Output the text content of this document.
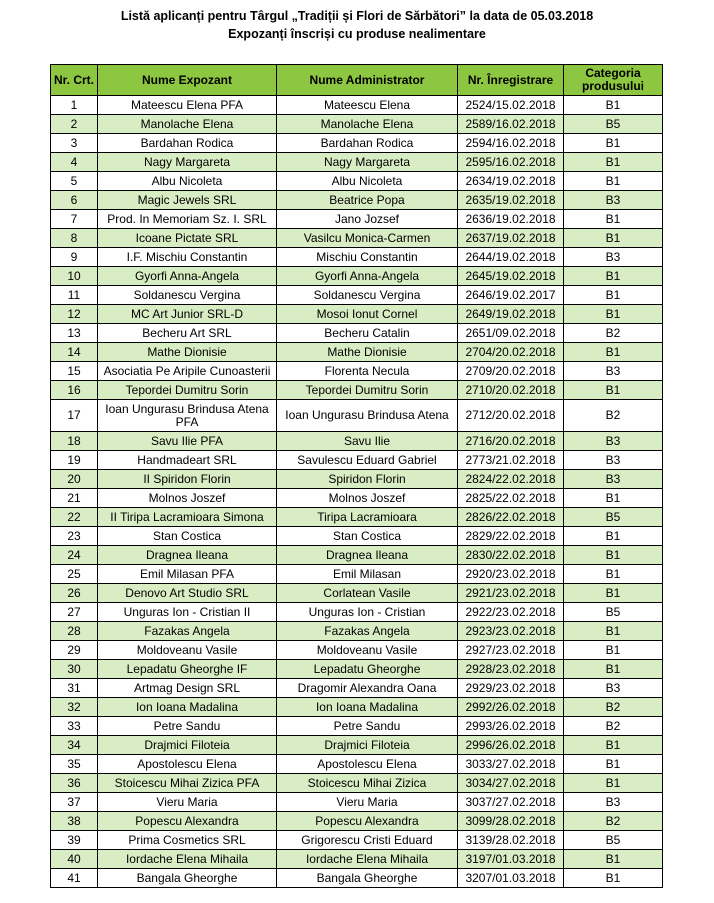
Listă aplicanți pentru Târgul „Tradiții și Flori de Sărbători” la data de 05.03.2018
Expozanți înscriși cu produse nealimentare
Nr. Crt.	Nume Expozant	Nume Administrator	Nr. Înregistrare	Categoria produsului
1	Mateescu Elena PFA	Mateescu Elena	2524/15.02.2018	B1
2	Manolache Elena	Manolache Elena	2589/16.02.2018	B5
3	Bardahan Rodica	Bardahan Rodica	2594/16.02.2018	B1
4	Nagy Margareta	Nagy Margareta	2595/16.02.2018	B1
5	Albu Nicoleta	Albu Nicoleta	2634/19.02.2018	B1
6	Magic Jewels SRL	Beatrice Popa	2635/19.02.2018	B3
7	Prod. In Memoriam Sz. I. SRL	Jano Jozsef	2636/19.02.2018	B1
8	Icoane Pictate SRL	Vasilcu Monica-Carmen	2637/19.02.2018	B1
9	I.F. Mischiu Constantin	Mischiu Constantin	2644/19.02.2018	B3
10	Gyorfi Anna-Angela	Gyorfi Anna-Angela	2645/19.02.2018	B1
11	Soldanescu Vergina	Soldanescu Vergina	2646/19.02.2017	B1
12	MC Art Junior SRL-D	Mosoi Ionut Cornel	2649/19.02.2018	B1
13	Becheru Art SRL	Becheru Catalin	2651/09.02.2018	B2
14	Mathe Dionisie	Mathe Dionisie	2704/20.02.2018	B1
15	Asociatia Pe Aripile Cunoasterii	Florenta Necula	2709/20.02.2018	B3
16	Tepordei Dumitru Sorin	Tepordei Dumitru Sorin	2710/20.02.2018	B1
17	Ioan Ungurasu Brindusa Atena PFA	Ioan Ungurasu Brindusa Atena	2712/20.02.2018	B2
18	Savu Ilie PFA	Savu Ilie	2716/20.02.2018	B3
19	Handmadeart SRL	Savulescu Eduard Gabriel	2773/21.02.2018	B3
20	II Spiridon Florin	Spiridon Florin	2824/22.02.2018	B3
21	Molnos Joszef	Molnos Joszef	2825/22.02.2018	B1
22	II Tiripa Lacramioara Simona	Tiripa Lacramioara	2826/22.02.2018	B5
23	Stan Costica	Stan Costica	2829/22.02.2018	B1
24	Dragnea Ileana	Dragnea Ileana	2830/22.02.2018	B1
25	Emil Milasan PFA	Emil Milasan	2920/23.02.2018	B1
26	Denovo Art Studio SRL	Corlatean Vasile	2921/23.02.2018	B1
27	Unguras Ion - Cristian II	Unguras Ion - Cristian	2922/23.02.2018	B5
28	Fazakas Angela	Fazakas Angela	2923/23.02.2018	B1
29	Moldoveanu Vasile	Moldoveanu Vasile	2927/23.02.2018	B1
30	Lepadatu Gheorghe IF	Lepadatu Gheorghe	2928/23.02.2018	B1
31	Artmag Design SRL	Dragomir Alexandra Oana	2929/23.02.2018	B3
32	Ion Ioana Madalina	Ion Ioana Madalina	2992/26.02.2018	B2
33	Petre Sandu	Petre Sandu	2993/26.02.2018	B2
34	Drajmici Filoteia	Drajmici Filoteia	2996/26.02.2018	B1
35	Apostolescu Elena	Apostolescu Elena	3033/27.02.2018	B1
36	Stoicescu Mihai Zizica PFA	Stoicescu Mihai Zizica	3034/27.02.2018	B1
37	Vieru Maria	Vieru Maria	3037/27.02.2018	B3
38	Popescu Alexandra	Popescu Alexandra	3099/28.02.2018	B2
39	Prima Cosmetics SRL	Grigorescu Cristi Eduard	3139/28.02.2018	B5
40	Iordache Elena Mihaila	Iordache Elena Mihaila	3197/01.03.2018	B1
41	Bangala Gheorghe	Bangala Gheorghe	3207/01.03.2018	B1
